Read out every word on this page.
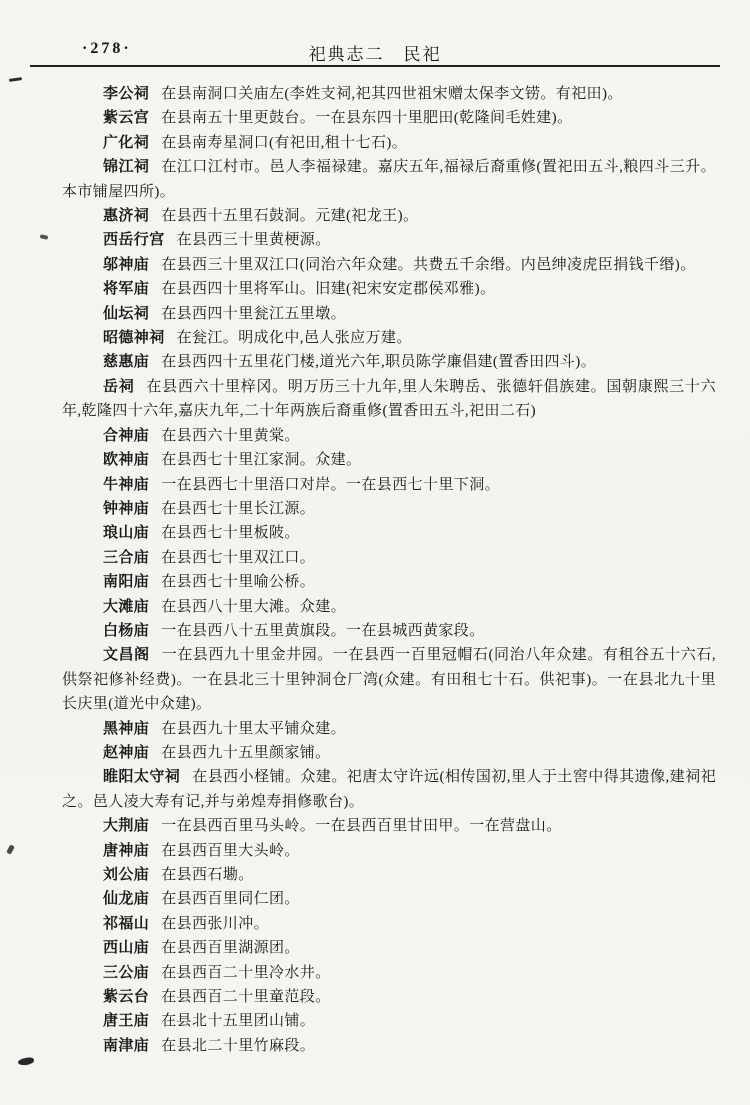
·278·	祀典志二　民祀

李公祠 在县南洞口关庙左(李姓支祠,祀其四世祖宋赠太保李文铹。有祀田)。

紫云宫 在县南五十里更鼓台。一在县东四十里肥田(乾隆间毛姓建)。

广化祠 在县南寿星洞口(有祀田,租十七石)。

锦江祠 在江口江村市。邑人李福禄建。嘉庆五年,福禄后裔重修(置祀田五斗,粮四斗三升。本市铺屋四所)。

惠济祠 在县西十五里石鼓洞。元建(祀龙王)。

西岳行宫 在县西三十里黄梗源。

邬神庙 在县西三十里双江口(同治六年众建。共费五千余缗。内邑绅凌虎臣捐钱千缗)。

将军庙 在县西四十里将军山。旧建(祀宋安定郡侯邓雅)。

仙坛祠 在县西四十里瓮江五里墩。

昭德神祠 在瓮江。明成化中,邑人张应万建。

慈惠庙 在县西四十五里花门楼,道光六年,职员陈学廉倡建(置香田四斗)。

岳祠 在县西六十里梓冈。明万历三十九年,里人朱聘岳、张德轩倡族建。国朝康熙三十六年,乾隆四十六年,嘉庆九年,二十年两族后裔重修(置香田五斗,祀田二石)

合神庙 在县西六十里黄棠。

欧神庙 在县西七十里江家洞。众建。

牛神庙 一在县西七十里浯口对岸。一在县西七十里下洞。

钟神庙 在县西七十里长江源。

琅山庙 在县西七十里板陂。

三合庙 在县西七十里双江口。

南阳庙 在县西七十里喻公桥。

大滩庙 在县西八十里大滩。众建。

白杨庙 一在县西八十五里黄旗段。一在县城西黄家段。

文昌阁 一在县西九十里金井园。一在县西一百里冠帽石(同治八年众建。有租谷五十六石,供祭祀修补经费)。一在县北三十里钟洞仓厂湾(众建。有田租七十石。供祀事)。一在县北九十里长庆里(道光中众建)。

黑神庙 在县西九十里太平铺众建。

赵神庙 在县西九十五里颜家铺。

睢阳太守祠 在县西小柽铺。众建。祀唐太守许远(相传国初,里人于土窖中得其遗像,建祠祀之。邑人凌大寿有记,并与弟煌寿捐修歌台)。

大荆庙 一在县西百里马头岭。一在县西百里甘田甲。一在营盘山。

唐神庙 在县西百里大头岭。

刘公庙 在县西石墈。

仙龙庙 在县西百里同仁团。

祁福山 在县西张川冲。

西山庙 在县西百里湖源团。

三公庙 在县西百二十里冷水井。

紫云台 在县西百二十里童范段。

唐王庙 在县北十五里团山铺。

南津庙 在县北二十里竹麻段。
